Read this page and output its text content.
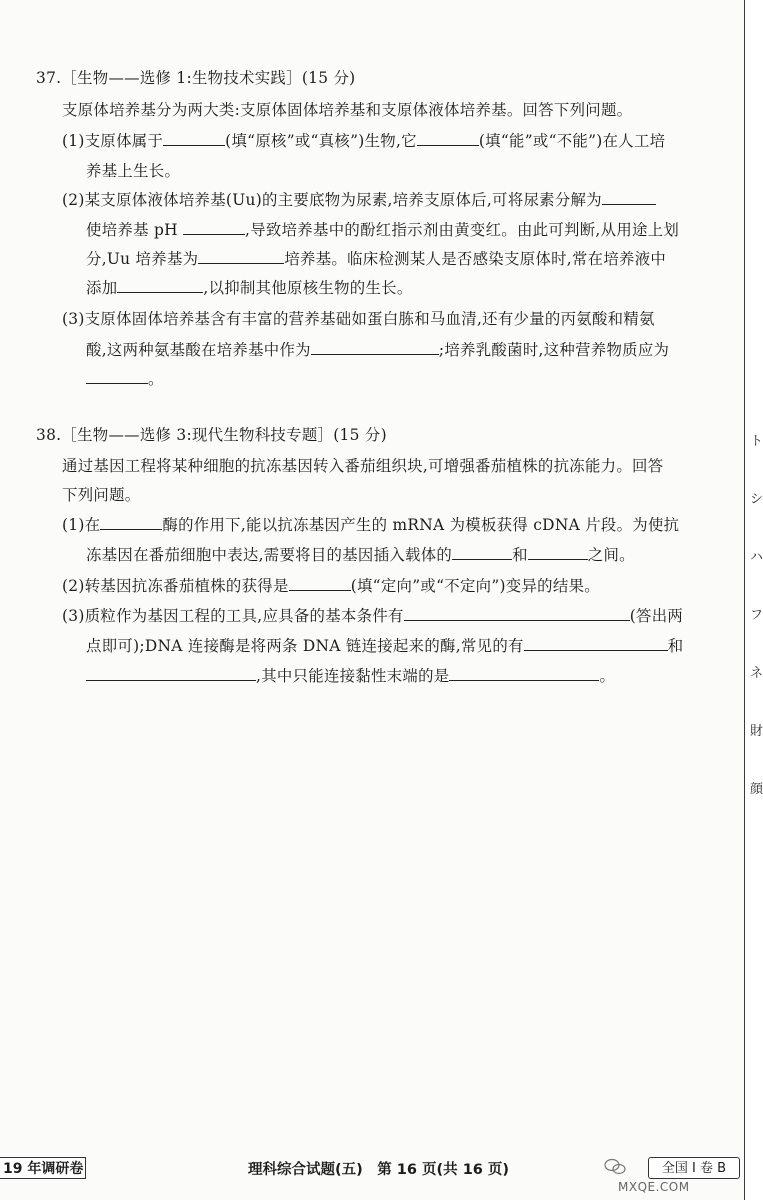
ト
シ
ハ
フ
ネ
財
顔
37.［生物——选修 1:生物技术实践］(15 分)
支原体培养基分为两大类:支原体固体培养基和支原体液体培养基。回答下列问题。
(1)支原体属于	(填“原核”或“真核”)生物,它	(填“能”或“不能”)在人工培
养基上生长。
(2)某支原体液体培养基(Uu)的主要底物为尿素,培养支原体后,可将尿素分解为
使培养基 pH	,导致培养基中的酚红指示剂由黄变红。由此可判断,从用途上划
分,Uu 培养基为	培养基。临床检测某人是否感染支原体时,常在培养液中
添加	,以抑制其他原核生物的生长。
(3)支原体固体培养基含有丰富的营养基础如蛋白胨和马血清,还有少量的丙氨酸和精氨
酸,这两种氨基酸在培养基中作为	;培养乳酸菌时,这种营养物质应为
。
38.［生物——选修 3:现代生物科技专题］(15 分)
通过基因工程将某种细胞的抗冻基因转入番茄组织块,可增强番茄植株的抗冻能力。回答
下列问题。
(1)在	酶的作用下,能以抗冻基因产生的 mRNA 为模板获得 cDNA 片段。为使抗
冻基因在番茄细胞中表达,需要将目的基因插入载体的	和	之间。
(2)转基因抗冻番茄植株的获得是	(填“定向”或“不定向”)变异的结果。
(3)质粒作为基因工程的工具,应具备的基本条件有	(答出两
点即可);DNA 连接酶是将两条 DNA 链连接起来的酶,常见的有	和
,其中只能连接黏性末端的是	。
19 年调研卷	理科综合试题(五)　第 16 页(共 16 页)	全国 I 卷 B
MXQE.COM
